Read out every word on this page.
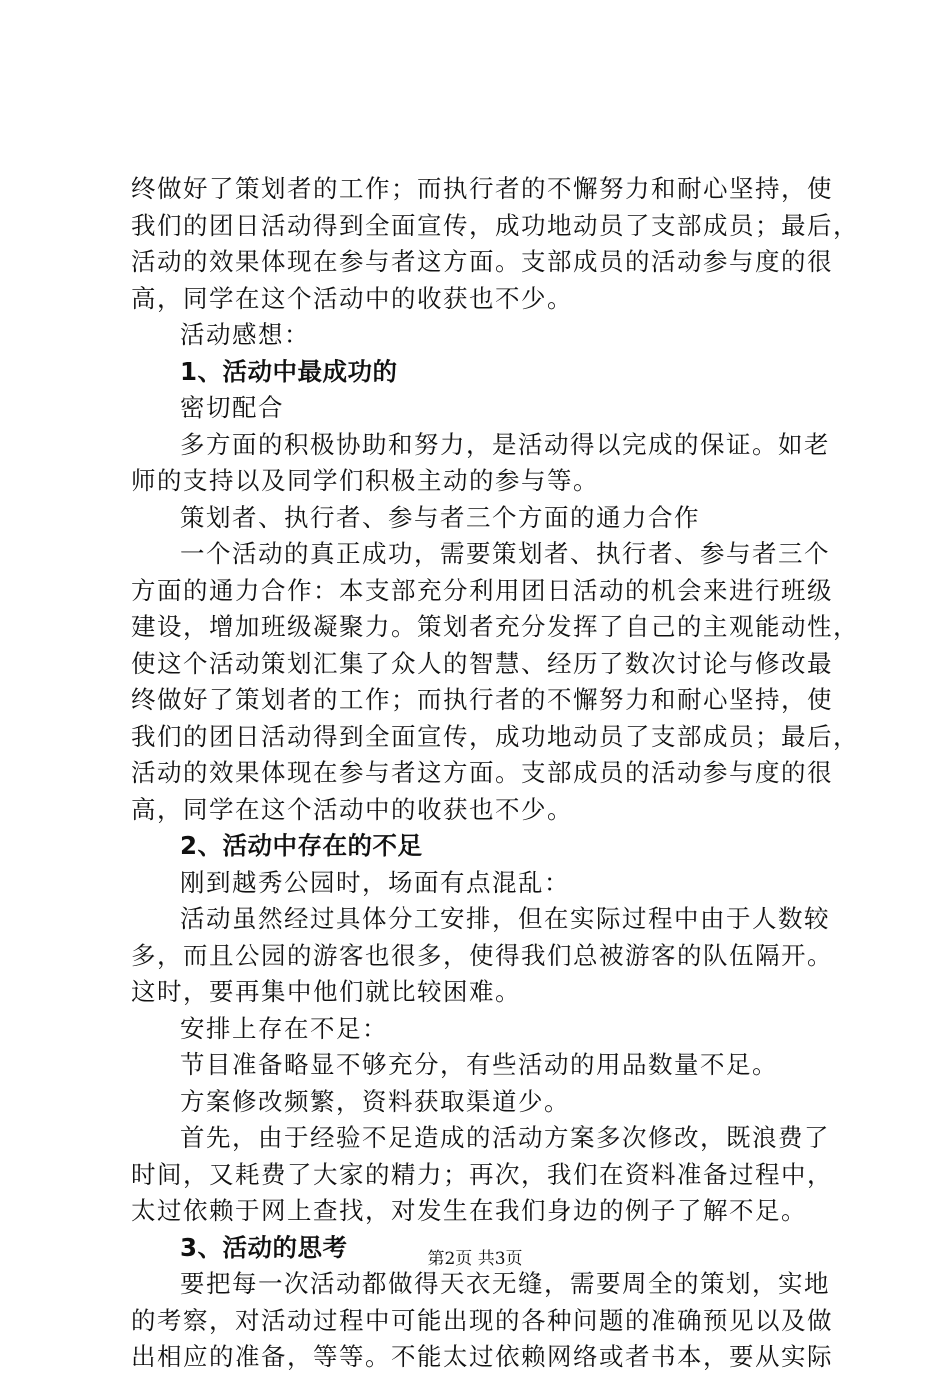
终做好了策划者的工作；而执行者的不懈努力和耐心坚持，使
我们的团日活动得到全面宣传，成功地动员了支部成员；最后，
活动的效果体现在参与者这方面。支部成员的活动参与度的很
高，同学在这个活动中的收获也不少。
活动感想：
1、活动中最成功的
密切配合
多方面的积极协助和努力，是活动得以完成的保证。如老
师的支持以及同学们积极主动的参与等。
策划者、执行者、参与者三个方面的通力合作
一个活动的真正成功，需要策划者、执行者、参与者三个
方面的通力合作：本支部充分利用团日活动的机会来进行班级
建设，增加班级凝聚力。策划者充分发挥了自己的主观能动性，
使这个活动策划汇集了众人的智慧、经历了数次讨论与修改最
终做好了策划者的工作；而执行者的不懈努力和耐心坚持，使
我们的团日活动得到全面宣传，成功地动员了支部成员；最后，
活动的效果体现在参与者这方面。支部成员的活动参与度的很
高，同学在这个活动中的收获也不少。
2、活动中存在的不足
刚到越秀公园时，场面有点混乱：
活动虽然经过具体分工安排，但在实际过程中由于人数较
多，而且公园的游客也很多，使得我们总被游客的队伍隔开。
这时，要再集中他们就比较困难。
安排上存在不足：
节目准备略显不够充分，有些活动的用品数量不足。
方案修改频繁，资料获取渠道少。
首先，由于经验不足造成的活动方案多次修改，既浪费了
时间，又耗费了大家的精力；再次，我们在资料准备过程中，
太过依赖于网上查找，对发生在我们身边的例子了解不足。
3、活动的思考
要把每一次活动都做得天衣无缝，需要周全的策划，实地
的考察，对活动过程中可能出现的各种问题的准确预见以及做
出相应的准备，等等。不能太过依赖网络或者书本，要从实际
第2页 共3页
